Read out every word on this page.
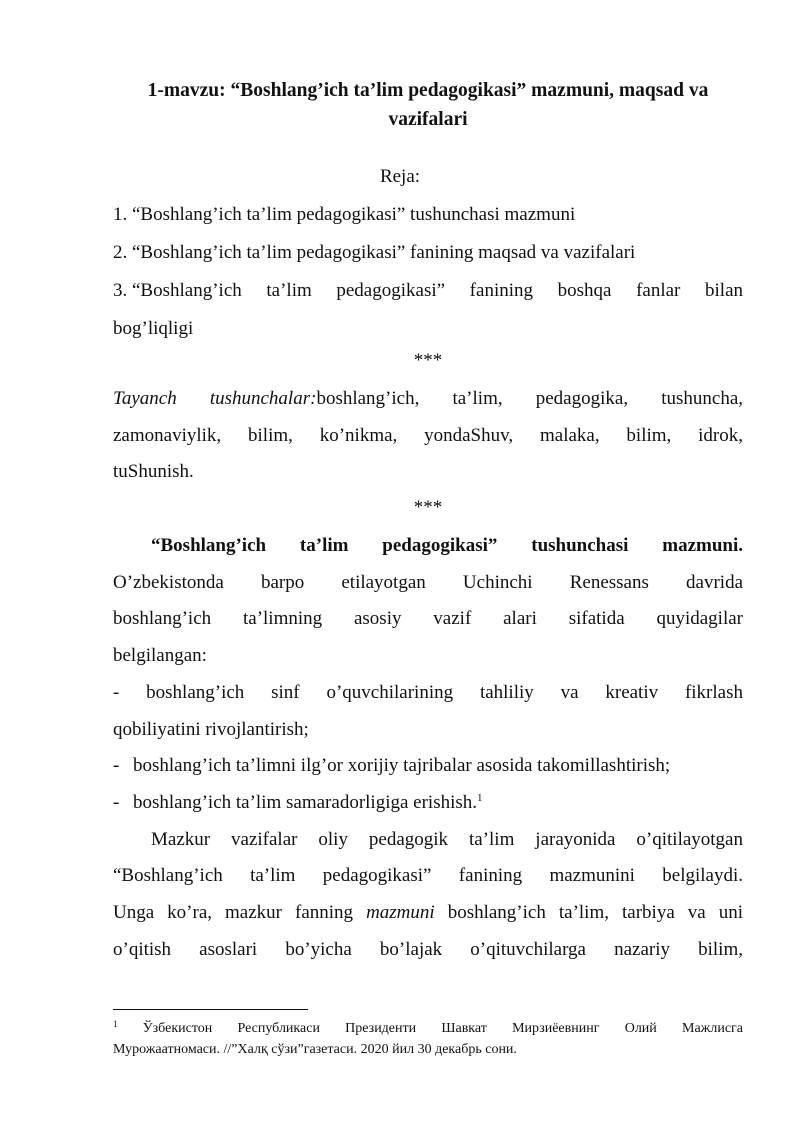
1-mavzu: “Boshlang’ich ta’lim pedagogikasi” mazmuni, maqsad va
vazifalari
Reja:
1. “Boshlang’ich ta’lim pedagogikasi” tushunchasi mazmuni
2. “Boshlang’ich ta’lim pedagogikasi” fanining maqsad va vazifalari
3. “Boshlang’ich ta’lim pedagogikasi” fanining boshqa fanlar bilan
bog’liqligi
***
Tayanch tushunchalar:boshlang’ich, ta’lim, pedagogika, tushuncha,
zamonaviylik, bilim, ko’nikma, yondaShuv, malaka, bilim, idrok,
tuShunish.
***
“Boshlang’ich ta’lim pedagogikasi” tushunchasi mazmuni.
O’zbekistonda barpo etilayotgan Uchinchi Renessans davrida
boshlang’ich ta’limning asosiy vazif alari sifatida quyidagilar
belgilangan:
- boshlang’ich sinf o’quvchilarining tahliliy va kreativ fikrlash
qobiliyatini rivojlantirish;
- boshlang’ich ta’limni ilg’or xorijiy tajribalar asosida takomillashtirish;
- boshlang’ich ta’lim samaradorligiga erishish.$^1$
Mazkur vazifalar oliy pedagogik ta’lim jarayonida o’qitilayotgan
“Boshlang’ich ta’lim pedagogikasi” fanining mazmunini belgilaydi.
Unga ko’ra, mazkur fanning mazmuni boshlang’ich ta’lim, tarbiya va uni
o’qitish asoslari bo’yicha bo’lajak o’qituvchilarga nazariy bilim,
$^1$ Ўзбекистон Республикаси Президенти Шавкат Мирзиёевнинг Олий Мажлисга
Мурожаатномаси. //”Халқ сўзи”газетаси. 2020 йил 30 декабрь сони.
